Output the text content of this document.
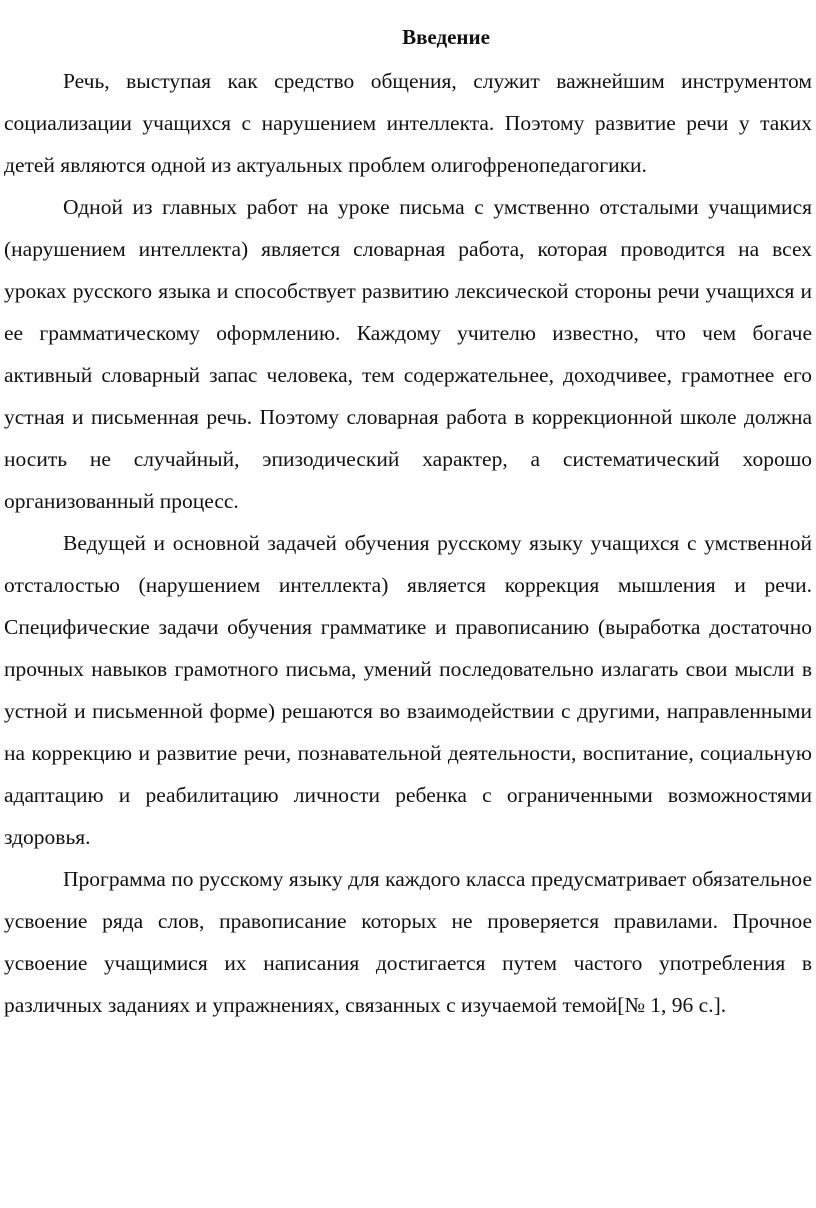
Введение

Речь, выступая как средство общения, служит важнейшим инструментом социализации учащихся с нарушением интеллекта. Поэтому развитие речи у таких детей являются одной из актуальных проблем олигофренопедагогики.

Одной из главных работ на уроке письма с умственно отсталыми учащимися (нарушением интеллекта) является словарная работа, которая проводится на всех уроках русского языка и способствует развитию лексической стороны речи учащихся и ее грамматическому оформлению. Каждому учителю известно, что чем богаче активный словарный запас человека, тем содержательнее, доходчивее, грамотнее его устная и письменная речь. Поэтому словарная работа в коррекционной школе должна носить не случайный, эпизодический характер, а систематический хорошо организованный процесс.

Ведущей и основной задачей обучения русскому языку учащихся с умственной отсталостью (нарушением интеллекта) является коррекция мышления и речи. Специфические задачи обучения грамматике и правописанию (выработка достаточно прочных навыков грамотного письма, умений последовательно излагать свои мысли в устной и письменной форме) решаются во взаимодействии с другими, направленными на коррекцию и развитие речи, познавательной деятельности, воспитание, социальную адаптацию и реабилитацию личности ребенка с ограниченными возможностями здоровья.

Программа по русскому языку для каждого класса предусматривает обязательное усвоение ряда слов, правописание которых не проверяется правилами. Прочное усвоение учащимися их написания достигается путем частого употребления в различных заданиях и упражнениях, связанных с изучаемой темой[№ 1, 96 с.].
